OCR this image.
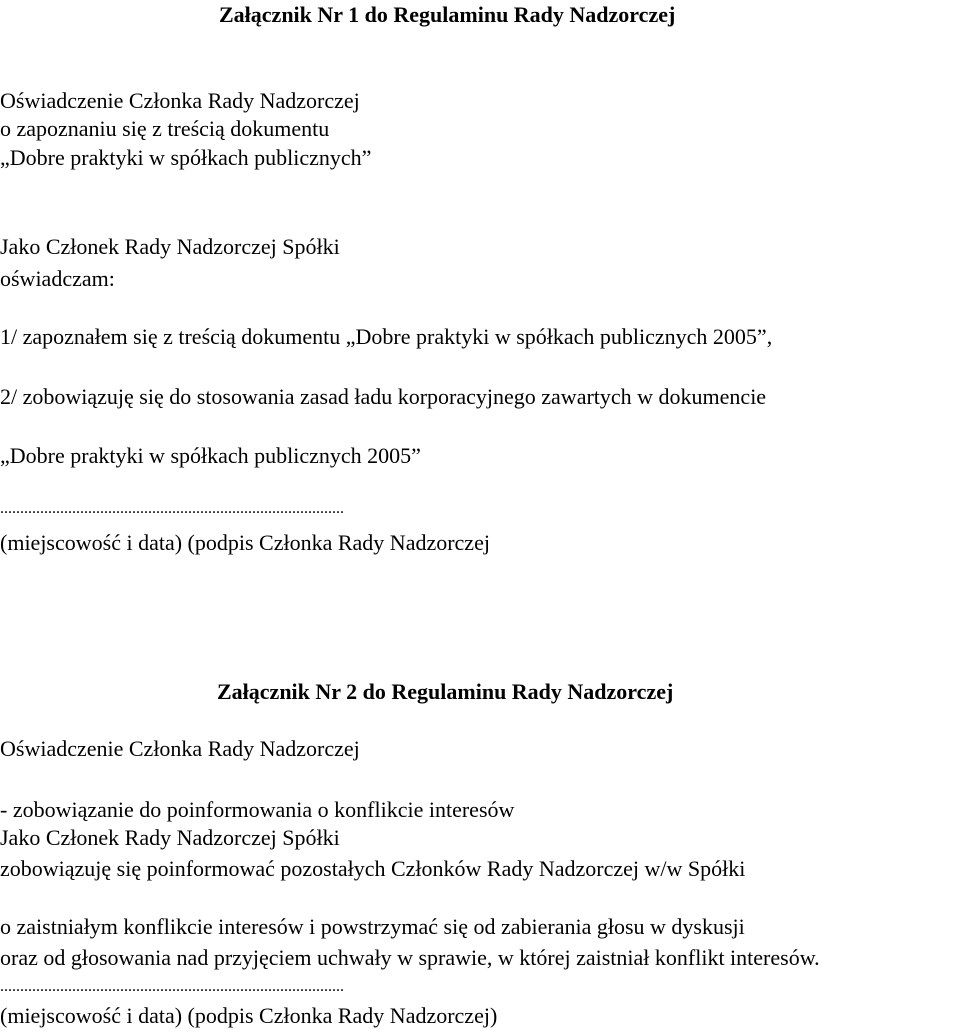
Załącznik Nr 1 do Regulaminu Rady Nadzorczej
Oświadczenie Członka Rady Nadzorczej
o zapoznaniu się z treścią dokumentu
„Dobre praktyki w spółkach publicznych”
Jako Członek Rady Nadzorczej Spółki
oświadczam:
1/ zapoznałem się z treścią dokumentu „Dobre praktyki w spółkach publicznych 2005”,
2/ zobowiązuję się do stosowania zasad ładu korporacyjnego zawartych w dokumencie
„Dobre praktyki w spółkach publicznych 2005”
......................................................................................
(miejscowość i data) (podpis Członka Rady Nadzorczej
Załącznik Nr 2 do Regulaminu Rady Nadzorczej
Oświadczenie Członka Rady Nadzorczej
- zobowiązanie do poinformowania o konflikcie interesów
Jako Członek Rady Nadzorczej Spółki
zobowiązuję się poinformować pozostałych Członków Rady Nadzorczej w/w Spółki
o zaistniałym konflikcie interesów i powstrzymać się od zabierania głosu w dyskusji
oraz od głosowania nad przyjęciem uchwały w sprawie, w której zaistniał konflikt interesów.
......................................................................................
(miejscowość i data) (podpis Członka Rady Nadzorczej)
